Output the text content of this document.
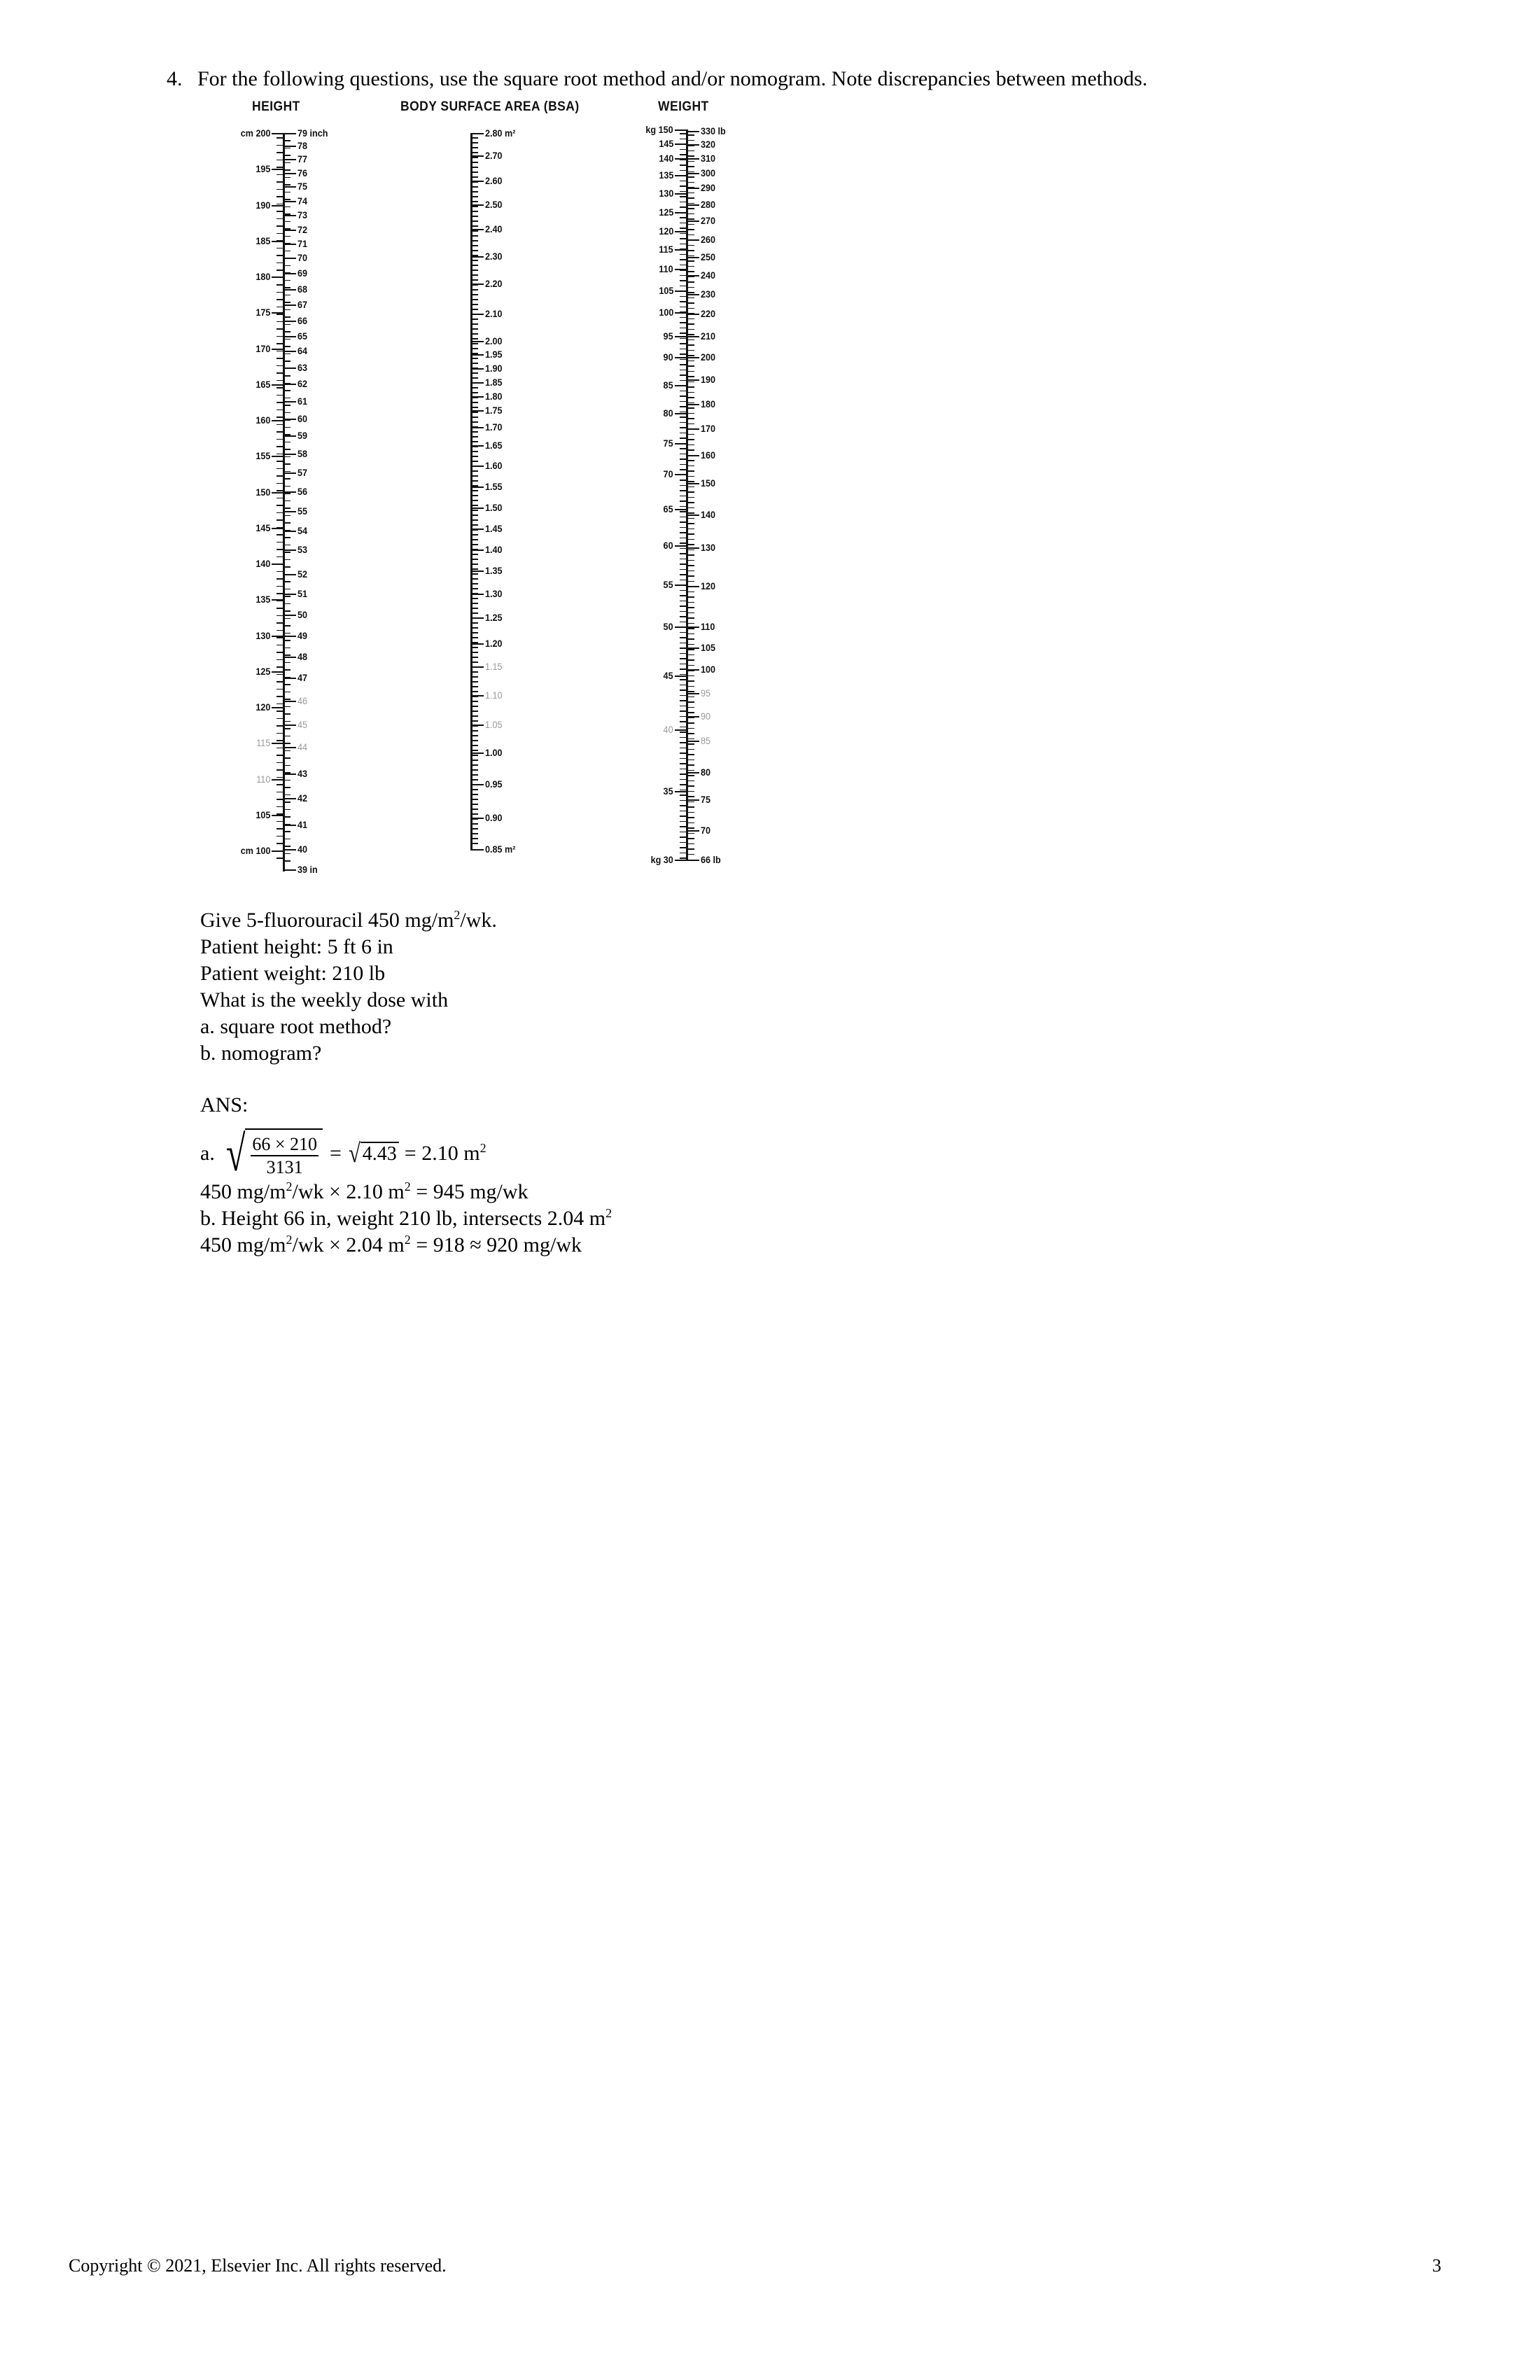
4. For the following questions, use the square root method and/or nomogram. Note discrepancies between methods.
HEIGHT	BODY SURFACE AREA (BSA)	WEIGHT
cm 200
195
190
185
180
175
170
165
160
155
150
145
140
135
130
125
120
115
110
105
cm 100
79 inch
78
77
76
75
74
73
72
71
70
69
68
67
66
65
64
63
62
61
60
59
58
57
56
55
54
53
52
51
50
49
48
47
46
45
44
43
42
41
40
39 in
2.80 m²
2.70
2.60
2.50
2.40
2.30
2.20
2.10
2.00
1.95
1.90
1.85
1.80
1.75
1.70
1.65
1.60
1.55
1.50
1.45
1.40
1.35
1.30
1.25
1.20
1.15
1.10
1.05
1.00
0.95
0.90
0.85 m²
kg 150
145
140
135
130
125
120
115
110
105
100
95
90
85
80
75
70
65
60
55
50
45
40
35
kg 30
330 lb
320
310
300
290
280
270
260
250
240
230
220
210
200
190
180
170
160
150
140
130
120
110
105
100
95
90
85
80
75
70
66 lb
Give 5-fluorouracil 450 $mg/m^2/wk$.
Patient height: 5 ft 6 in
Patient weight: 210 lb
What is the weekly dose with
a. square root method?
b. nomogram?
ANS:
a. √ $\frac{66 \times 210}{3131}$ = √ 4.43 = 2.10 $m^2$
450 $mg/m^2/wk \times 2.10$ $m^2 = 945$ mg/wk
b. Height 66 in, weight 210 lb, intersects 2.04 $m^2$
450 $mg/m^2/wk \times 2.04$ $m^2 = 918 \approx 920$ mg/wk
Copyright © 2021, Elsevier Inc. All rights reserved.	3
